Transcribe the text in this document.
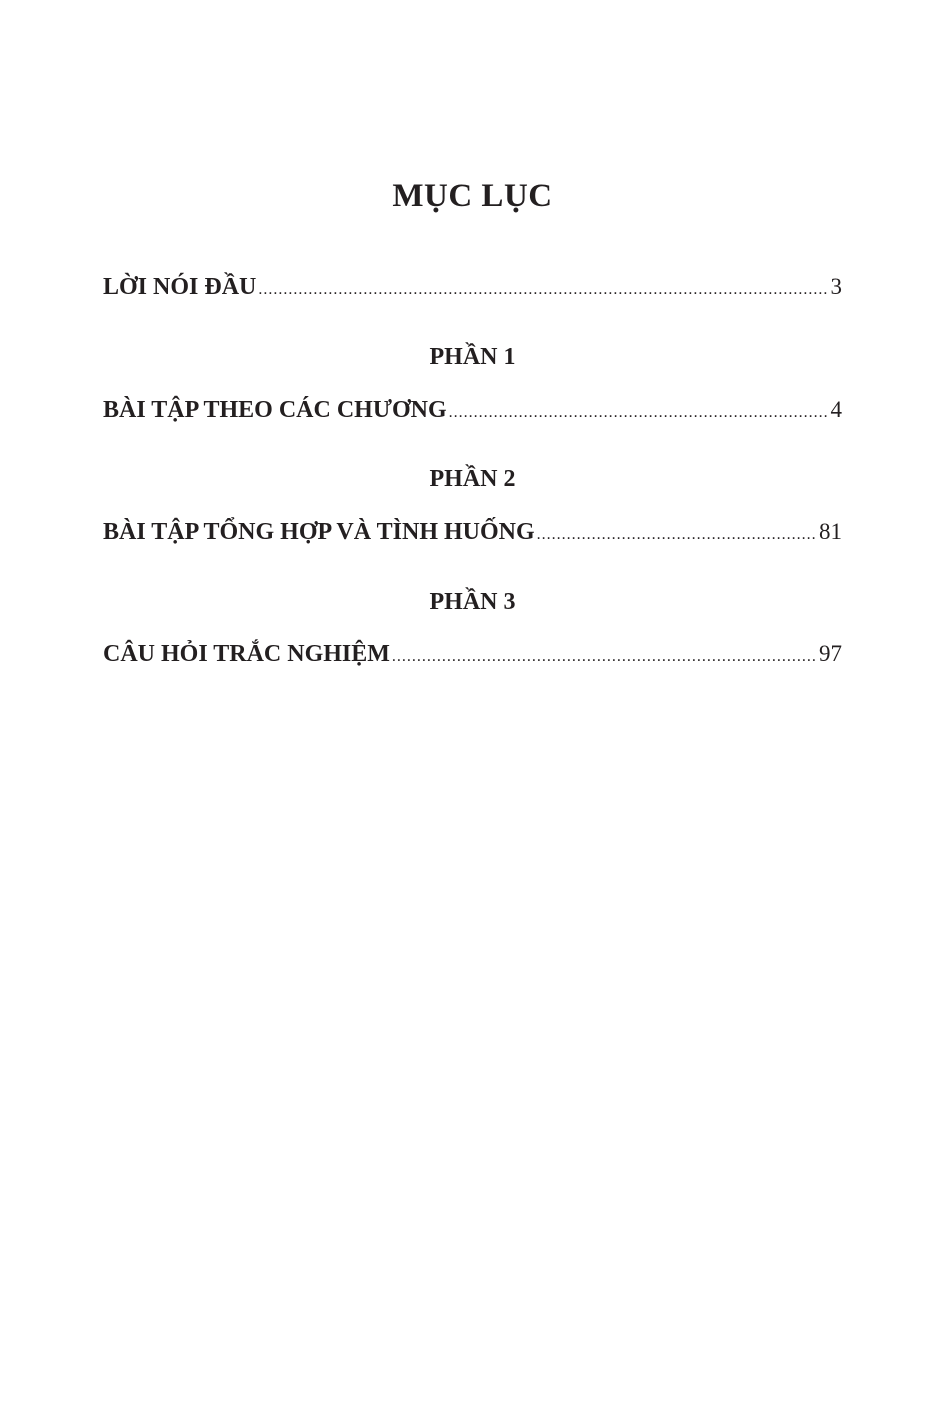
MỤC LỤC
LỜI NÓI ĐẦU .....	3
PHẦN 1
BÀI TẬP THEO CÁC CHƯƠNG .....	4
PHẦN 2
BÀI TẬP TỔNG HỢP VÀ TÌNH HUỐNG .....	81
PHẦN 3
CÂU HỎI TRẮC NGHIỆM .....	97
